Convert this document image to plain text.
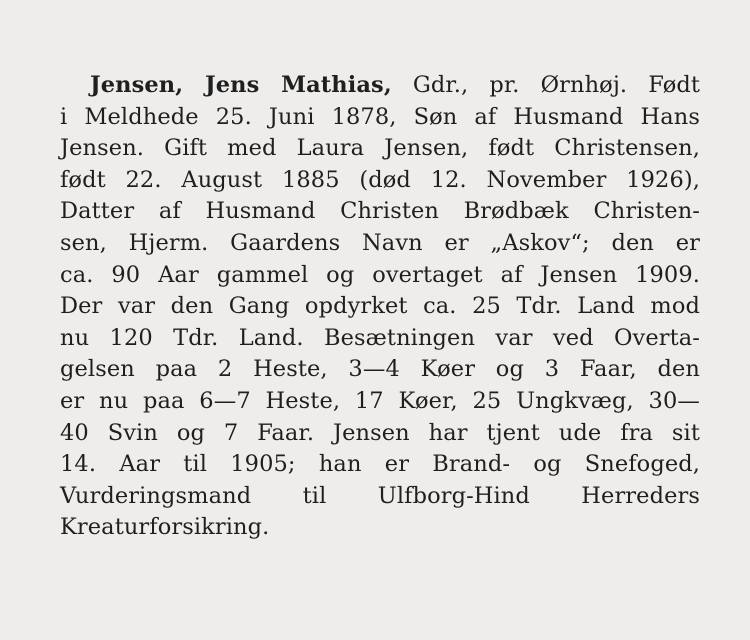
Jensen, Jens Mathias, Gdr., pr. Ørnhøj. Født
i Meldhede 25. Juni 1878, Søn af Husmand Hans
Jensen. Gift med Laura Jensen, født Christensen,
født 22. August 1885 (død 12. November 1926),
Datter af Husmand Christen Brødbæk Christen-
sen, Hjerm. Gaardens Navn er „Askov“; den er
ca. 90 Aar gammel og overtaget af Jensen 1909.
Der var den Gang opdyrket ca. 25 Tdr. Land mod
nu 120 Tdr. Land. Besætningen var ved Overta-
gelsen paa 2 Heste, 3—4 Køer og 3 Faar, den
er nu paa 6—7 Heste, 17 Køer, 25 Ungkvæg, 30—
40 Svin og 7 Faar. Jensen har tjent ude fra sit
14. Aar til 1905; han er Brand- og Snefoged,
Vurderingsmand til Ulfborg-Hind Herreders
Kreaturforsikring.
